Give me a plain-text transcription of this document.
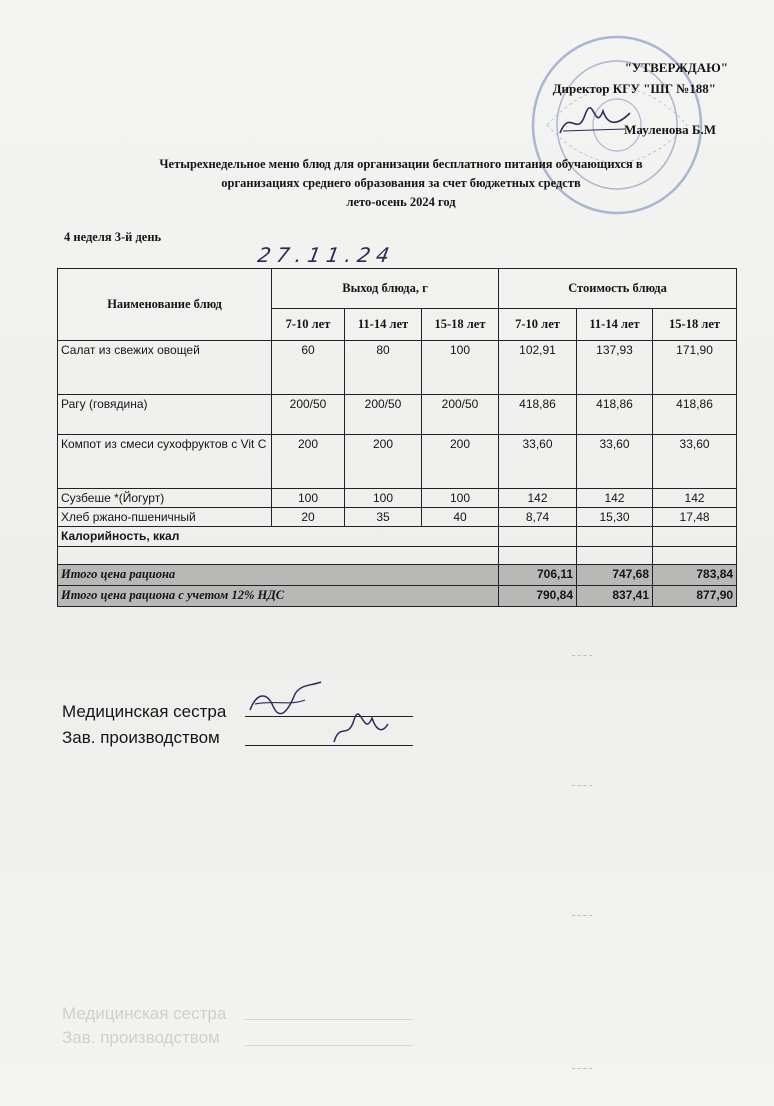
"УТВЕРЖДАЮ"
Директор КГУ "ШГ №188"
Мауленова Б.М
Четырехнедельное меню блюд для организации бесплатного питания обучающихся в
организациях среднего образования за счет бюджетных средств
лето-осень 2024 год
4 неделя 3-й день
27.11.24
Наименование блюд	Выход блюда, г			Стоимость блюда		
	7-10 лет	11-14 лет	15-18 лет	7-10 лет	11-14 лет	15-18 лет
Салат из свежих овощей	60	80	100	102,91	137,93	171,90
Рагу (говядина)	200/50	200/50	200/50	418,86	418,86	418,86
Компот из смеси сухофруктов с Vit C	200	200	200	33,60	33,60	33,60
Сузбеше *(Йогурт)	100	100	100	142	142	142
Хлеб ржано-пшеничный	20	35	40	8,74	15,30	17,48
Калорийность, ккал						

Итого цена рациона				706,11	747,68	783,84
Итого цена рациона с учетом 12% НДС				790,84	837,41	877,90
Медицинская сестра
Зав. производством
Медицинская сестра
Зав. производством
